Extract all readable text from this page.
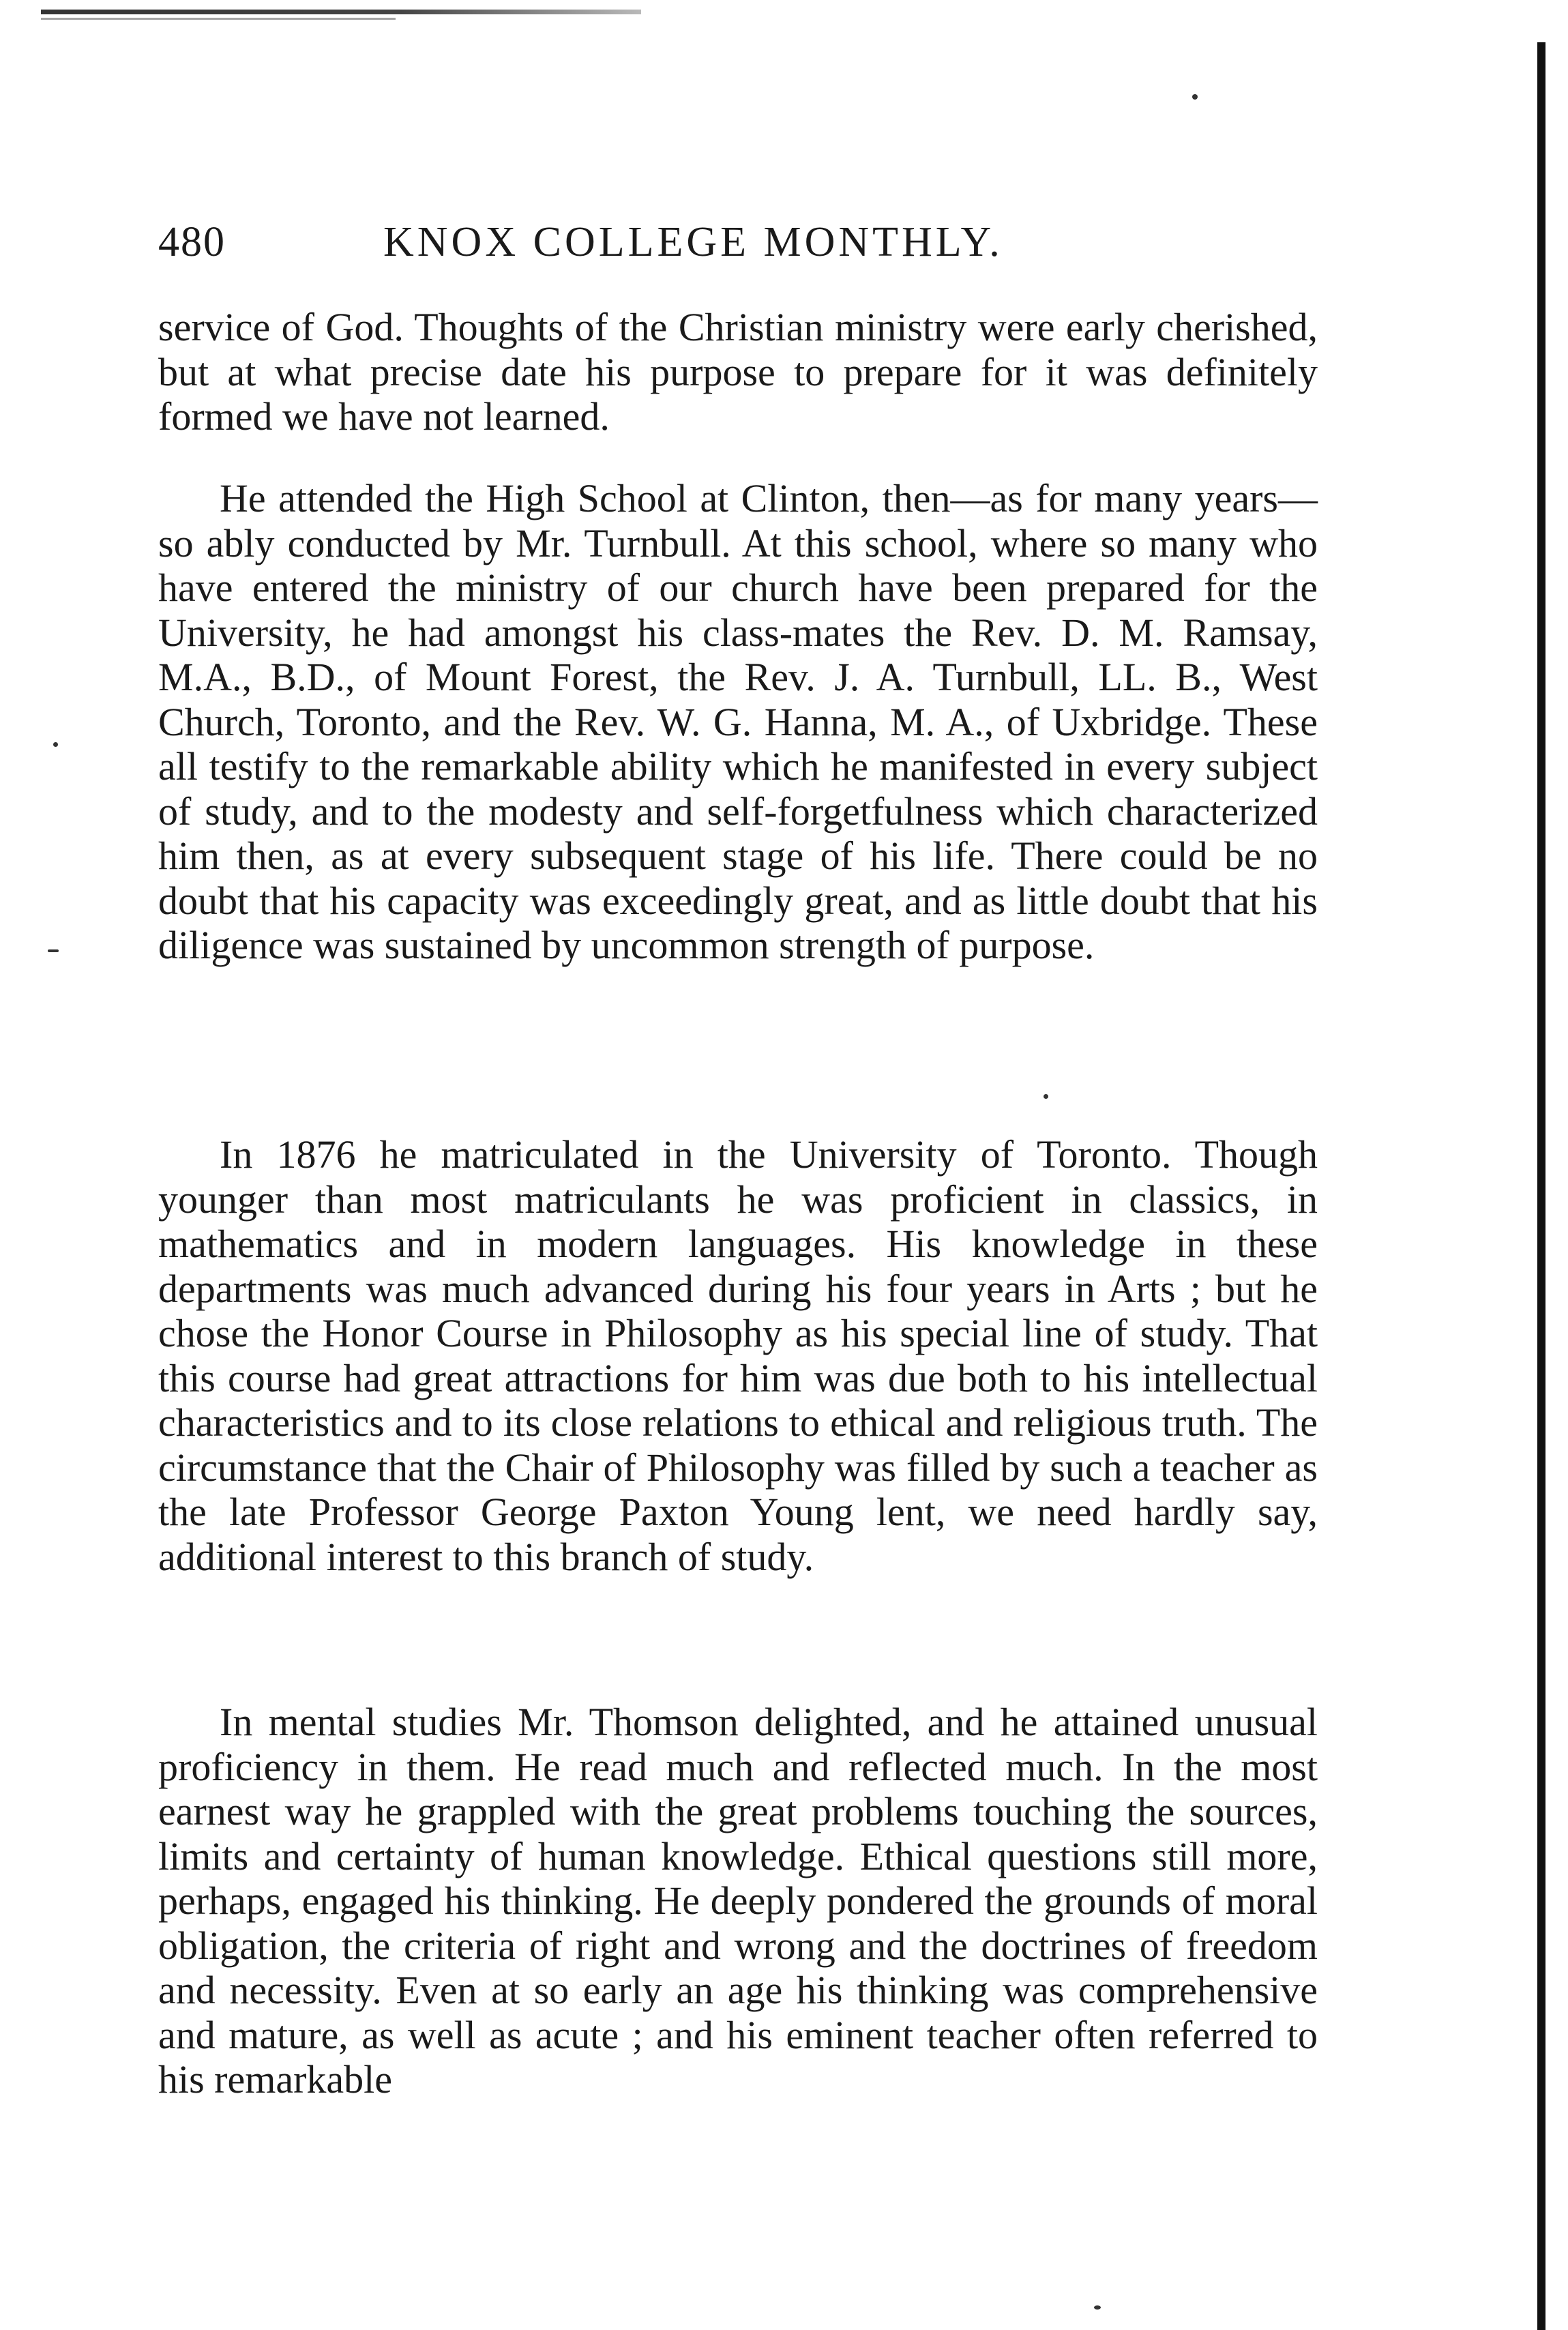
480	KNOX COLLEGE MONTHLY.

service of God. Thoughts of the Christian ministry were early cherished, but at what precise date his purpose to prepare for it was definitely formed we have not learned.

He attended the High School at Clinton, then—as for many years—so ably conducted by Mr. Turnbull. At this school, where so many who have entered the ministry of our church have been prepared for the University, he had amongst his class-mates the Rev. D. M. Ramsay, M.A., B.D., of Mount Forest, the Rev. J. A. Turnbull, LL. B., West Church, Toronto, and the Rev. W. G. Hanna, M. A., of Uxbridge. These all testify to the remarkable ability which he manifested in every subject of study, and to the modesty and self-forgetfulness which characterized him then, as at every subsequent stage of his life. There could be no doubt that his capacity was exceedingly great, and as little doubt that his diligence was sustained by uncommon strength of purpose.

In 1876 he matriculated in the University of Toronto. Though younger than most matriculants he was proficient in classics, in mathematics and in modern languages. His knowledge in these departments was much advanced during his four years in Arts ; but he chose the Honor Course in Philosophy as his special line of study. That this course had great attractions for him was due both to his intellectual characteristics and to its close relations to ethical and religious truth. The circumstance that the Chair of Philosophy was filled by such a teacher as the late Professor George Paxton Young lent, we need hardly say, additional interest to this branch of study.

In mental studies Mr. Thomson delighted, and he attained unusual proficiency in them. He read much and reflected much. In the most earnest way he grappled with the great problems touching the sources, limits and certainty of human knowledge. Ethical questions still more, perhaps, engaged his thinking. He deeply pondered the grounds of moral obligation, the criteria of right and wrong and the doctrines of freedom and necessity. Even at so early an age his thinking was comprehensive and mature, as well as acute ; and his eminent teacher often referred to his remarkable
